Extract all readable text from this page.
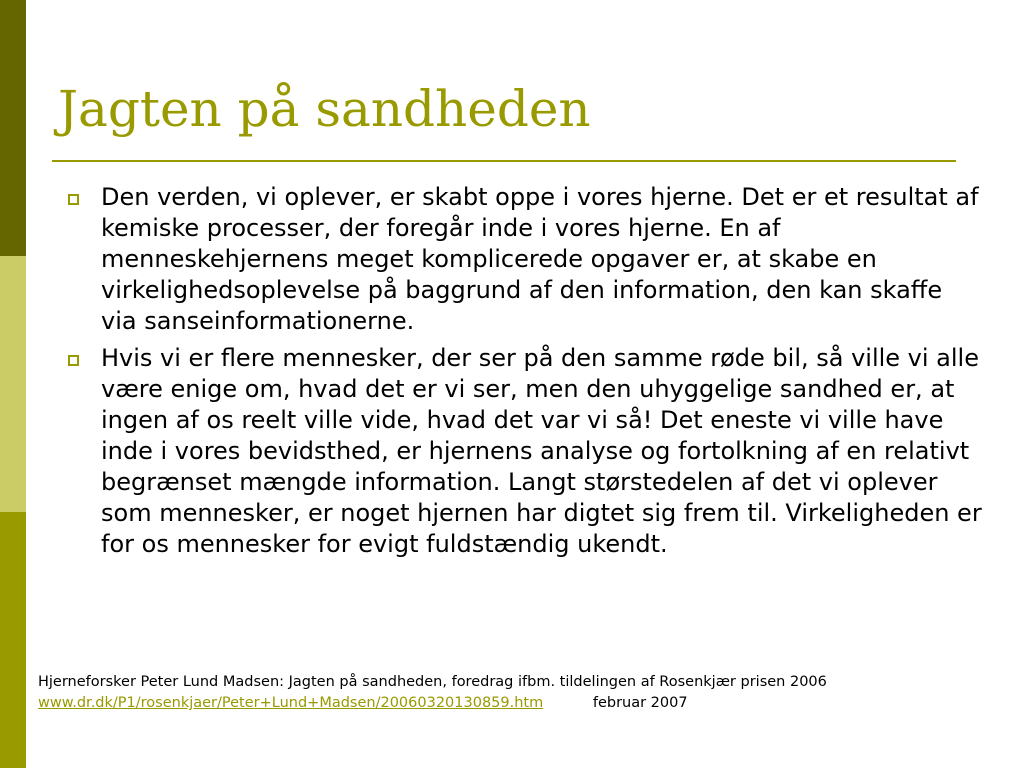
Jagten på sandheden
Den verden, vi oplever, er skabt oppe i vores hjerne. Det er et resultat af kemiske processer, der foregår inde i vores hjerne. En af menneskehjernens meget komplicerede opgaver er, at skabe en virkelighedsoplevelse på baggrund af den information, den kan skaffe via sanseinformationerne.
Hvis vi er flere mennesker, der ser på den samme røde bil, så ville vi alle være enige om, hvad det er vi ser, men den uhyggelige sandhed er, at ingen af os reelt ville vide, hvad det var vi så! Det eneste vi ville have inde i vores bevidsthed, er hjernens analyse og fortolkning af en relativt begrænset mængde information. Langt størstedelen af det vi oplever som mennesker, er noget hjernen har digtet sig frem til. Virkeligheden er for os mennesker for evigt fuldstændig ukendt.
Hjerneforsker Peter Lund Madsen: Jagten på sandheden, foredrag ifbm. tildelingen af Rosenkjær prisen 2006
www.dr.dk/P1/rosenkjaer/Peter+Lund+Madsen/20060320130859.htm	februar 2007
